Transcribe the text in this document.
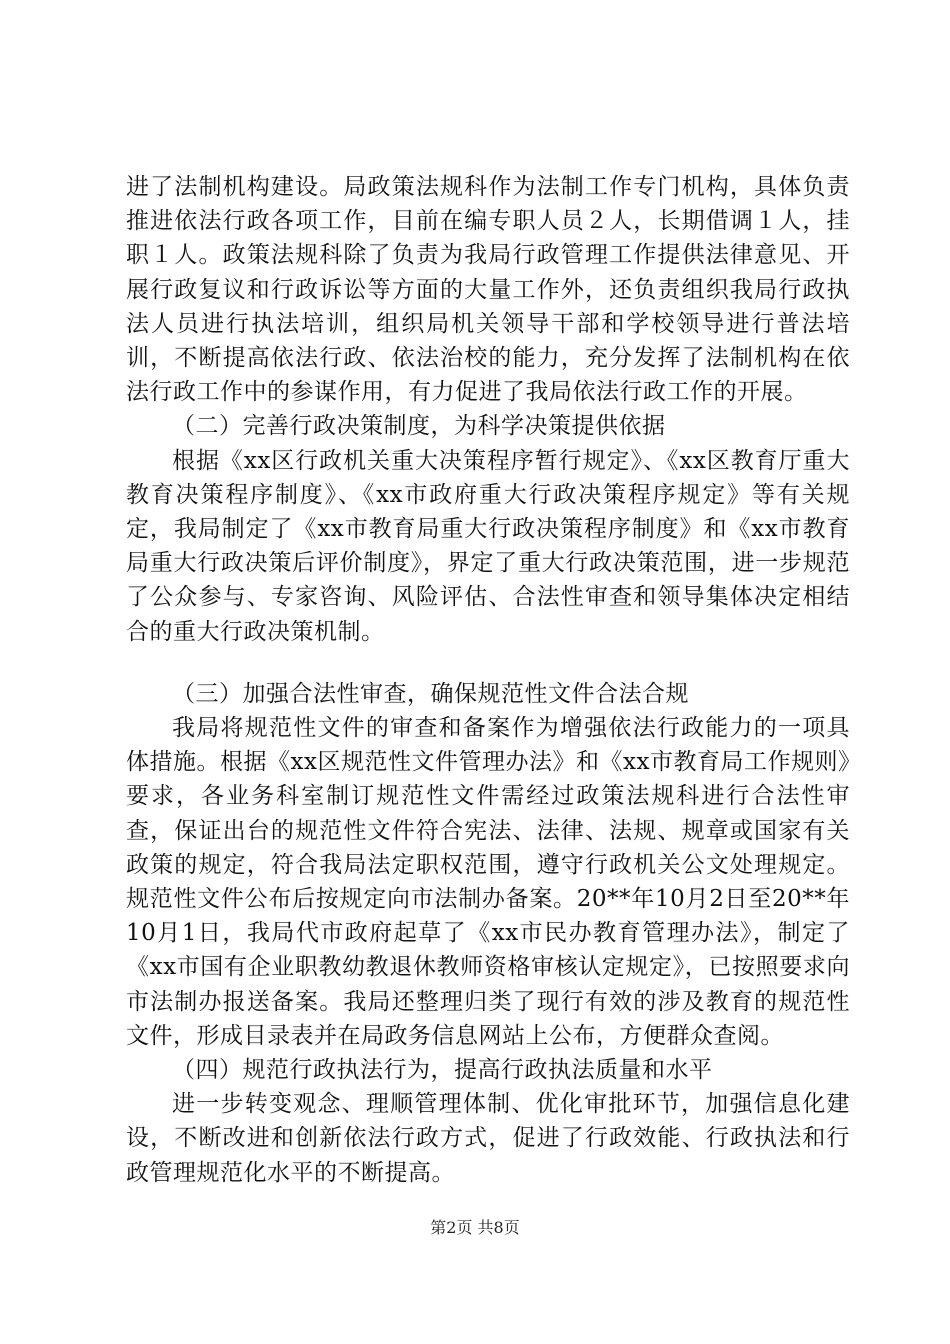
进了法制机构建设。局政策法规科作为法制工作专门机构，具体负责推进依法行政各项工作，目前在编专职人员２人，长期借调１人，挂职１人。政策法规科除了负责为我局行政管理工作提供法律意见、开展行政复议和行政诉讼等方面的大量工作外，还负责组织我局行政执法人员进行执法培训，组织局机关领导干部和学校领导进行普法培训，不断提高依法行政、依法治校的能力，充分发挥了法制机构在依法行政工作中的参谋作用，有力促进了我局依法行政工作的开展。

（二）完善行政决策制度，为科学决策提供依据

根据《xx区行政机关重大决策程序暂行规定》、《xx区教育厅重大教育决策程序制度》、《xx市政府重大行政决策程序规定》等有关规定，我局制定了《xx市教育局重大行政决策程序制度》和《xx市教育局重大行政决策后评价制度》，界定了重大行政决策范围，进一步规范了公众参与、专家咨询、风险评估、合法性审查和领导集体决定相结合的重大行政决策机制。

（三）加强合法性审查，确保规范性文件合法合规

我局将规范性文件的审查和备案作为增强依法行政能力的一项具体措施。根据《xx区规范性文件管理办法》和《xx市教育局工作规则》要求，各业务科室制订规范性文件需经过政策法规科进行合法性审查，保证出台的规范性文件符合宪法、法律、法规、规章或国家有关政策的规定，符合我局法定职权范围，遵守行政机关公文处理规定。规范性文件公布后按规定向市法制办备案。20**年10月2日至20**年10月1日，我局代市政府起草了《xx市民办教育管理办法》，制定了《xx市国有企业职教幼教退休教师资格审核认定规定》，已按照要求向市法制办报送备案。我局还整理归类了现行有效的涉及教育的规范性文件，形成目录表并在局政务信息网站上公布，方便群众查阅。

（四）规范行政执法行为，提高行政执法质量和水平

进一步转变观念、理顺管理体制、优化审批环节，加强信息化建设，不断改进和创新依法行政方式，促进了行政效能、行政执法和行政管理规范化水平的不断提高。

第2页 共8页
